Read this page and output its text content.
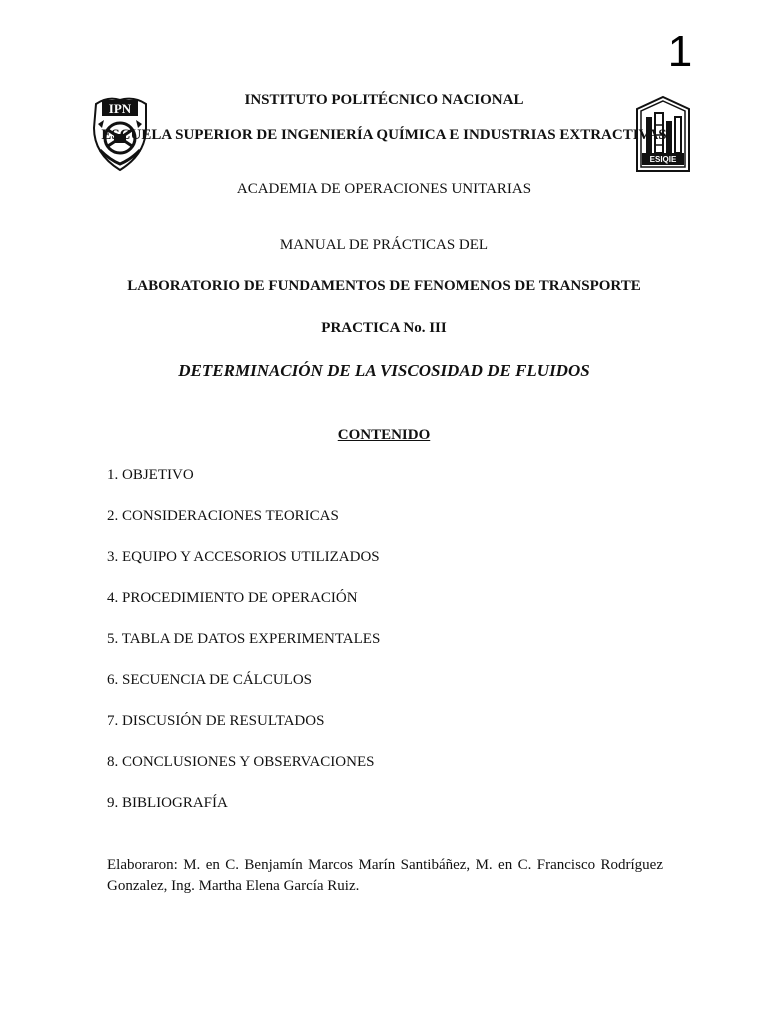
1
IPN
ESIQIE
INSTITUTO POLITÉCNICO NACIONAL
ESCUELA SUPERIOR DE INGENIERÍA QUÍMICA E INDUSTRIAS EXTRACTIVAS
ACADEMIA DE OPERACIONES UNITARIAS
MANUAL DE PRÁCTICAS DEL
LABORATORIO DE FUNDAMENTOS DE FENOMENOS DE TRANSPORTE
PRACTICA No. III
DETERMINACIÓN DE LA VISCOSIDAD DE FLUIDOS
CONTENIDO
1. OBJETIVO
2. CONSIDERACIONES TEORICAS
3. EQUIPO Y ACCESORIOS UTILIZADOS
4. PROCEDIMIENTO DE OPERACIÓN
5. TABLA DE DATOS EXPERIMENTALES
6. SECUENCIA DE CÁLCULOS
7. DISCUSIÓN DE RESULTADOS
8. CONCLUSIONES Y OBSERVACIONES
9. BIBLIOGRAFÍA
Elaboraron: M. en C. Benjamín Marcos Marín Santibáñez, M. en C. Francisco Rodríguez Gonzalez, Ing. Martha Elena García Ruiz.
